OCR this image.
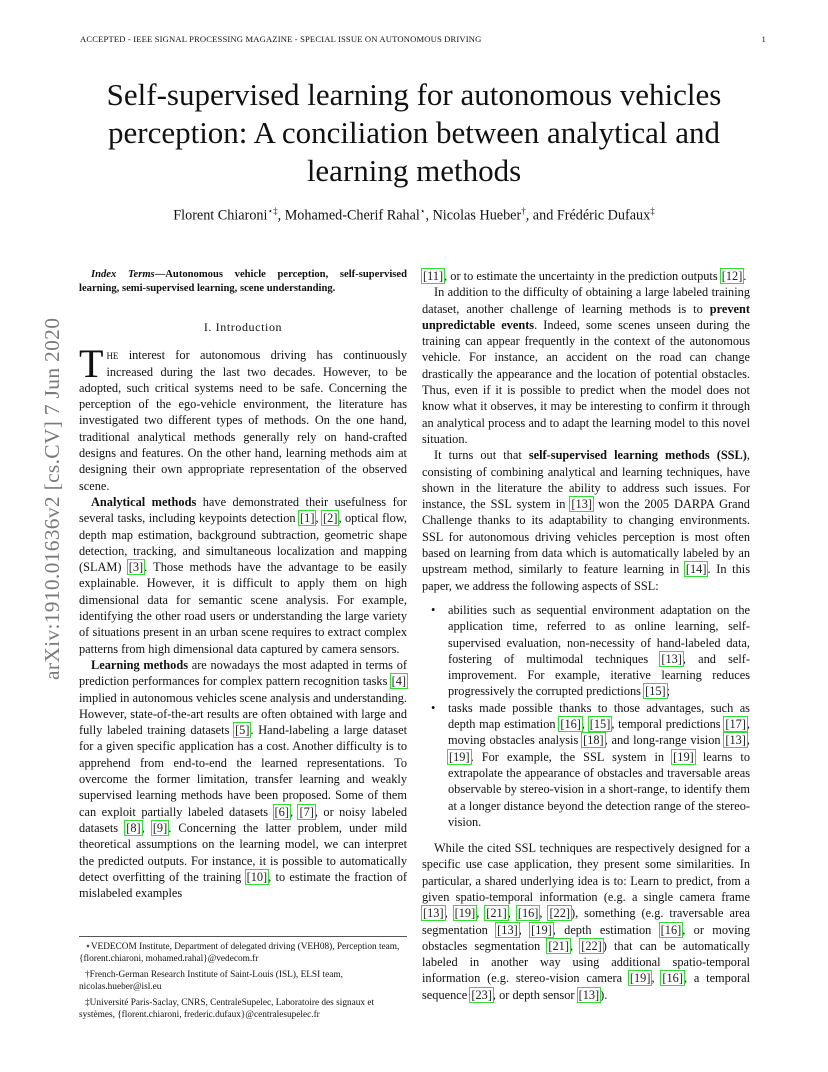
ACCEPTED - IEEE SIGNAL PROCESSING MAGAZINE - SPECIAL ISSUE ON AUTONOMOUS DRIVING	1
arXiv:1910.01636v2 [cs.CV] 7 Jun 2020
Self-supervised learning for autonomous vehicles
perception: A conciliation between analytical and
learning methods
Florent Chiaroni⋆‡, Mohamed-Cherif Rahal⋆, Nicolas Hueber†, and Frédéric Dufaux‡

Index Terms—Autonomous vehicle perception, self-supervised learning, semi-supervised learning, scene understanding.

I. Introduction

The interest for autonomous driving has continuously increased during the last two decades. However, to be adopted, such critical systems need to be safe. Concerning the perception of the ego-vehicle environment, the literature has investigated two different types of methods. On the one hand, traditional analytical methods generally rely on hand-crafted designs and features. On the other hand, learning methods aim at designing their own appropriate representation of the observed scene.

Analytical methods have demonstrated their usefulness for several tasks, including keypoints detection [1], [2], optical flow, depth map estimation, background subtraction, geometric shape detection, tracking, and simultaneous localization and mapping (SLAM) [3]. Those methods have the advantage to be easily explainable. However, it is difficult to apply them on high dimensional data for semantic scene analysis. For example, identifying the other road users or understanding the large variety of situations present in an urban scene requires to extract complex patterns from high dimensional data captured by camera sensors.

Learning methods are nowadays the most adapted in terms of prediction performances for complex pattern recognition tasks [4] implied in autonomous vehicles scene analysis and understanding. However, state-of-the-art results are often obtained with large and fully labeled training datasets [5]. Hand-labeling a large dataset for a given specific application has a cost. Another difficulty is to apprehend from end-to-end the learned representations. To overcome the former limitation, transfer learning and weakly supervised learning methods have been proposed. Some of them can exploit partially labeled datasets [6], [7], or noisy labeled datasets [8], [9]. Concerning the latter problem, under mild theoretical assumptions on the learning model, we can interpret the predicted outputs. For instance, it is possible to automatically detect overfitting of the training [10], to estimate the fraction of mislabeled examples

[11], or to estimate the uncertainty in the prediction outputs [12].

In addition to the difficulty of obtaining a large labeled training dataset, another challenge of learning methods is to prevent unpredictable events. Indeed, some scenes unseen during the training can appear frequently in the context of the autonomous vehicle. For instance, an accident on the road can change drastically the appearance and the location of potential obstacles. Thus, even if it is possible to predict when the model does not know what it observes, it may be interesting to confirm it through an analytical process and to adapt the learning model to this novel situation.

It turns out that self-supervised learning methods (SSL), consisting of combining analytical and learning techniques, have shown in the literature the ability to address such issues. For instance, the SSL system in [13] won the 2005 DARPA Grand Challenge thanks to its adaptability to changing environments. SSL for autonomous driving vehicles perception is most often based on learning from data which is automatically labeled by an upstream method, similarly to feature learning in [14]. In this paper, we address the following aspects of SSL:

• abilities such as sequential environment adaptation on the application time, referred to as online learning, self-supervised evaluation, non-necessity of hand-labeled data, fostering of multimodal techniques [13], and self-improvement. For example, iterative learning reduces progressively the corrupted predictions [15];
• tasks made possible thanks to those advantages, such as depth map estimation [16], [15], temporal predictions [17], moving obstacles analysis [18], and long-range vision [13], [19]. For example, the SSL system in [19] learns to extrapolate the appearance of obstacles and traversable areas observable by stereo-vision in a short-range, to identify them at a longer distance beyond the detection range of the stereo-vision.

While the cited SSL techniques are respectively designed for a specific use case application, they present some similarities. In particular, a shared underlying idea is to: Learn to predict, from a given spatio-temporal information (e.g. a single camera frame [13], [19], [21], [16], [22]), something (e.g. traversable area segmentation [13], [19], depth estimation [16], or moving obstacles segmentation [21], [22]) that can be automatically labeled in another way using additional spatio-temporal information (e.g. stereo-vision camera [19], [16], a temporal sequence [23], or depth sensor [13]).

⋆VEDECOM Institute, Department of delegated driving (VEH08), Perception team, {florent.chiaroni, mohamed.rahal}@vedecom.fr

†French-German Research Institute of Saint-Louis (ISL), ELSI team, nicolas.hueber@isl.eu

‡Université Paris-Saclay, CNRS, CentraleSupelec, Laboratoire des signaux et systèmes, {florent.chiaroni, frederic.dufaux}@centralesupelec.fr
